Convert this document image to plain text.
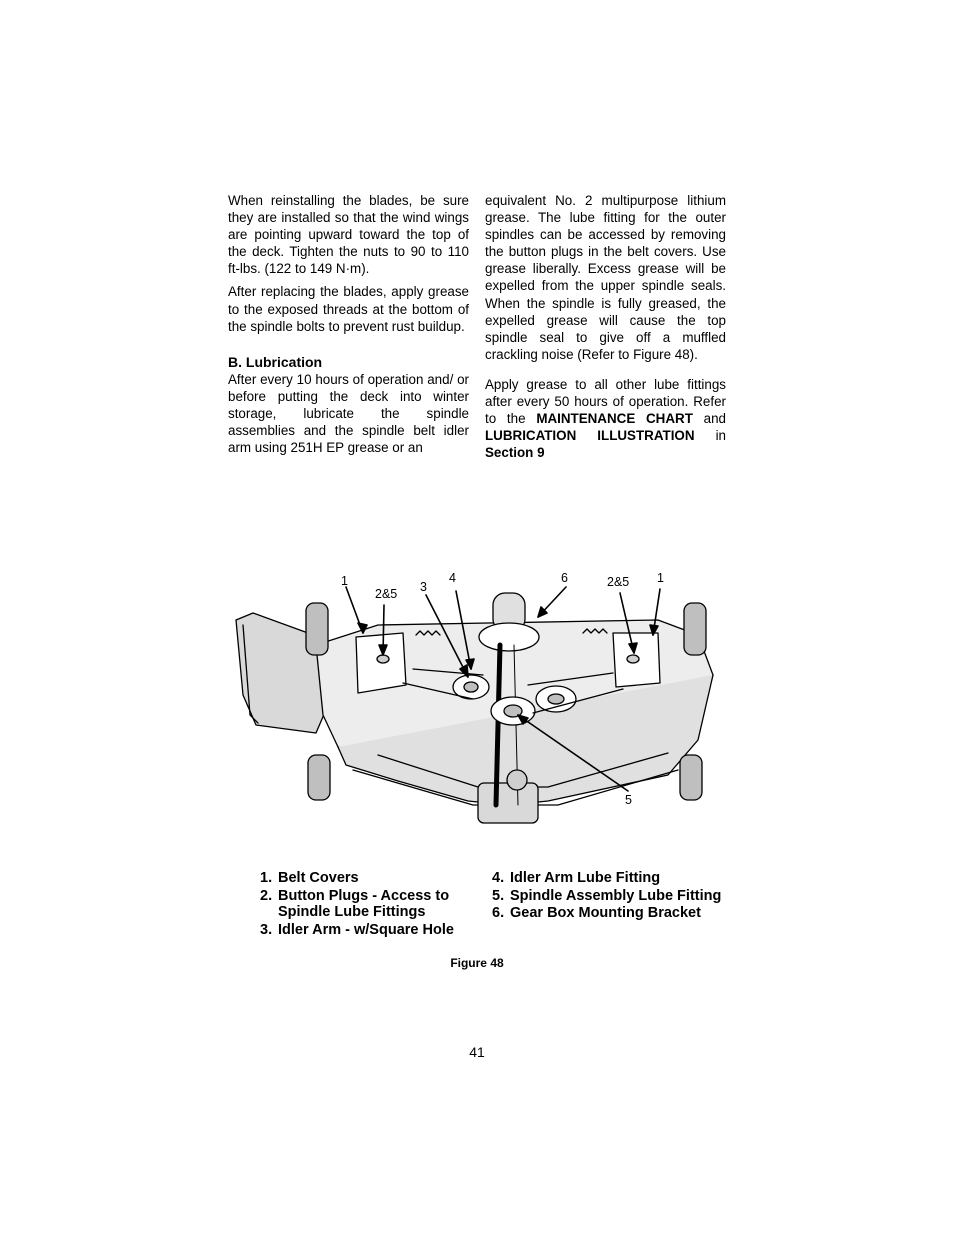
When reinstalling the blades, be sure they are installed so that the wind wings are pointing upward toward the top of the deck. Tighten the nuts to 90 to 110 ft-lbs. (122 to 149 N·m).

After replacing the blades, apply grease to the exposed threads at the bottom of the spindle bolts to prevent rust buildup.

B. Lubrication

After every 10 hours of operation and/ or before putting the deck into winter storage, lubricate the spindle assemblies and the spindle belt idler arm using 251H EP grease or an

equivalent No. 2 multipurpose lithium grease. The lube fitting for the outer spindles can be accessed by removing the button plugs in the belt covers. Use grease liberally. Excess grease will be expelled from the upper spindle seals. When the spindle is fully greased, the expelled grease will cause the top spindle seal to give off a muffled crackling noise (Refer to Figure 48).

Apply grease to all other lube fittings after every 50 hours of operation. Refer to the MAINTENANCE CHART and LUBRICATION ILLUSTRATION in Section 9

1
2&5 3
4	6	2&5 1
5
1. Belt Covers
2. Button Plugs - Access to Spindle Lube Fittings
3. Idler Arm - w/Square Hole
4. Idler Arm Lube Fitting
5. Spindle Assembly Lube Fitting
6. Gear Box Mounting Bracket
Figure 48
41
